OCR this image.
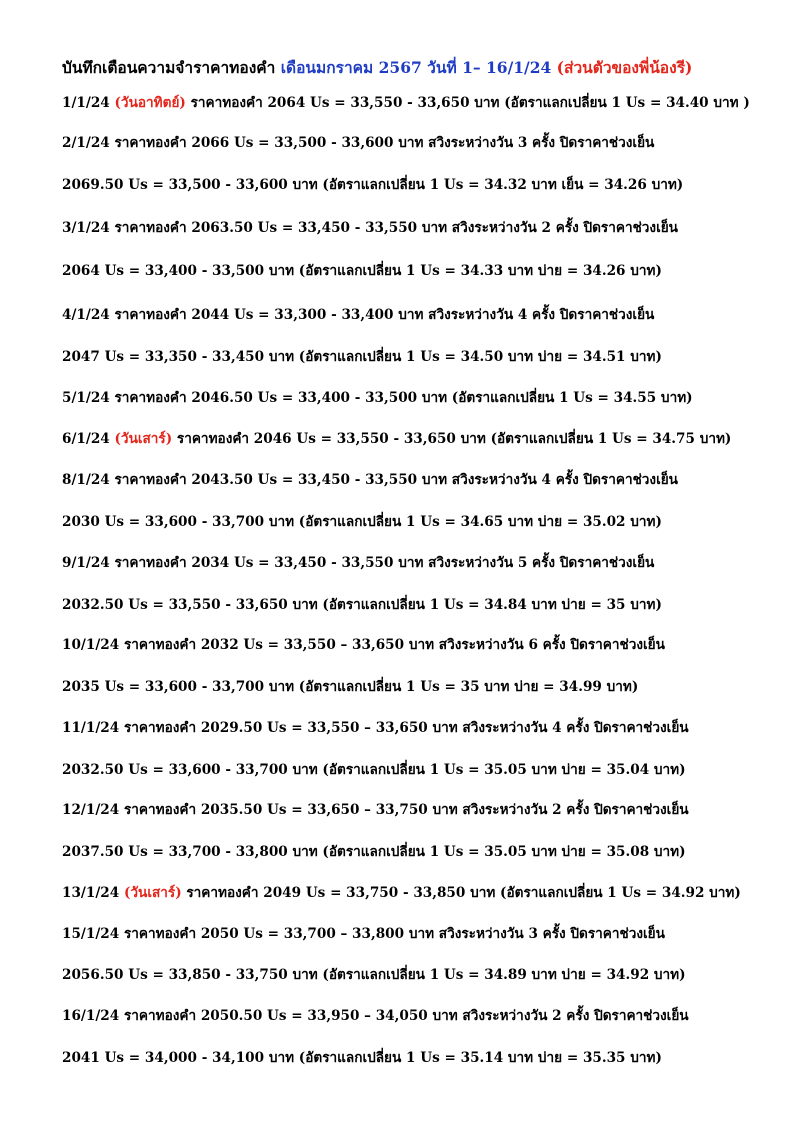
บันทึกเตือนความจำราคาทองคำ เดือนมกราคม 2567 วันที่ 1– 16/1/24 (ส่วนตัวของพี่น้องรี)
1/1/24 (วันอาทิตย์) ราคาทองคำ 2064 Us = 33,550 - 33,650 บาท (อัตราแลกเปลี่ยน 1 Us = 34.40 บาท )
2/1/24 ราคาทองคำ 2066 Us = 33,500 - 33,600 บาท สวิงระหว่างวัน 3 ครั้ง ปิดราคาช่วงเย็น
2069.50 Us = 33,500 - 33,600 บาท (อัตราแลกเปลี่ยน 1 Us = 34.32 บาท เย็น = 34.26 บาท)
3/1/24 ราคาทองคำ 2063.50 Us = 33,450 - 33,550 บาท สวิงระหว่างวัน 2 ครั้ง ปิดราคาช่วงเย็น
2064 Us = 33,400 - 33,500 บาท (อัตราแลกเปลี่ยน 1 Us = 34.33 บาท บ่าย = 34.26 บาท)
4/1/24 ราคาทองคำ 2044 Us = 33,300 - 33,400 บาท สวิงระหว่างวัน 4 ครั้ง ปิดราคาช่วงเย็น
2047 Us = 33,350 - 33,450 บาท (อัตราแลกเปลี่ยน 1 Us = 34.50 บาท บ่าย = 34.51 บาท)
5/1/24 ราคาทองคำ 2046.50 Us = 33,400 - 33,500 บาท (อัตราแลกเปลี่ยน 1 Us = 34.55 บาท)
6/1/24 (วันเสาร์) ราคาทองคำ 2046 Us = 33,550 - 33,650 บาท (อัตราแลกเปลี่ยน 1 Us = 34.75 บาท)
8/1/24 ราคาทองคำ 2043.50 Us = 33,450 - 33,550 บาท สวิงระหว่างวัน 4 ครั้ง ปิดราคาช่วงเย็น
2030 Us = 33,600 - 33,700 บาท (อัตราแลกเปลี่ยน 1 Us = 34.65 บาท บ่าย = 35.02 บาท)
9/1/24 ราคาทองคำ 2034 Us = 33,450 - 33,550 บาท สวิงระหว่างวัน 5 ครั้ง ปิดราคาช่วงเย็น
2032.50 Us = 33,550 - 33,650 บาท (อัตราแลกเปลี่ยน 1 Us = 34.84 บาท บ่าย = 35 บาท)
10/1/24 ราคาทองคำ 2032 Us = 33,550 – 33,650 บาท สวิงระหว่างวัน 6 ครั้ง ปิดราคาช่วงเย็น
2035 Us = 33,600 - 33,700 บาท (อัตราแลกเปลี่ยน 1 Us = 35 บาท บ่าย = 34.99 บาท)
11/1/24 ราคาทองคำ 2029.50 Us = 33,550 – 33,650 บาท สวิงระหว่างวัน 4 ครั้ง ปิดราคาช่วงเย็น
2032.50 Us = 33,600 - 33,700 บาท (อัตราแลกเปลี่ยน 1 Us = 35.05 บาท บ่าย = 35.04 บาท)
12/1/24 ราคาทองคำ 2035.50 Us = 33,650 – 33,750 บาท สวิงระหว่างวัน 2 ครั้ง ปิดราคาช่วงเย็น
2037.50 Us = 33,700 - 33,800 บาท (อัตราแลกเปลี่ยน 1 Us = 35.05 บาท บ่าย = 35.08 บาท)
13/1/24 (วันเสาร์) ราคาทองคำ 2049 Us = 33,750 - 33,850 บาท (อัตราแลกเปลี่ยน 1 Us = 34.92 บาท)
15/1/24 ราคาทองคำ 2050 Us = 33,700 – 33,800 บาท สวิงระหว่างวัน 3 ครั้ง ปิดราคาช่วงเย็น
2056.50 Us = 33,850 - 33,750 บาท (อัตราแลกเปลี่ยน 1 Us = 34.89 บาท บ่าย = 34.92 บาท)
16/1/24 ราคาทองคำ 2050.50 Us = 33,950 – 34,050 บาท สวิงระหว่างวัน 2 ครั้ง ปิดราคาช่วงเย็น
2041 Us = 34,000 - 34,100 บาท (อัตราแลกเปลี่ยน 1 Us = 35.14 บาท บ่าย = 35.35 บาท)
